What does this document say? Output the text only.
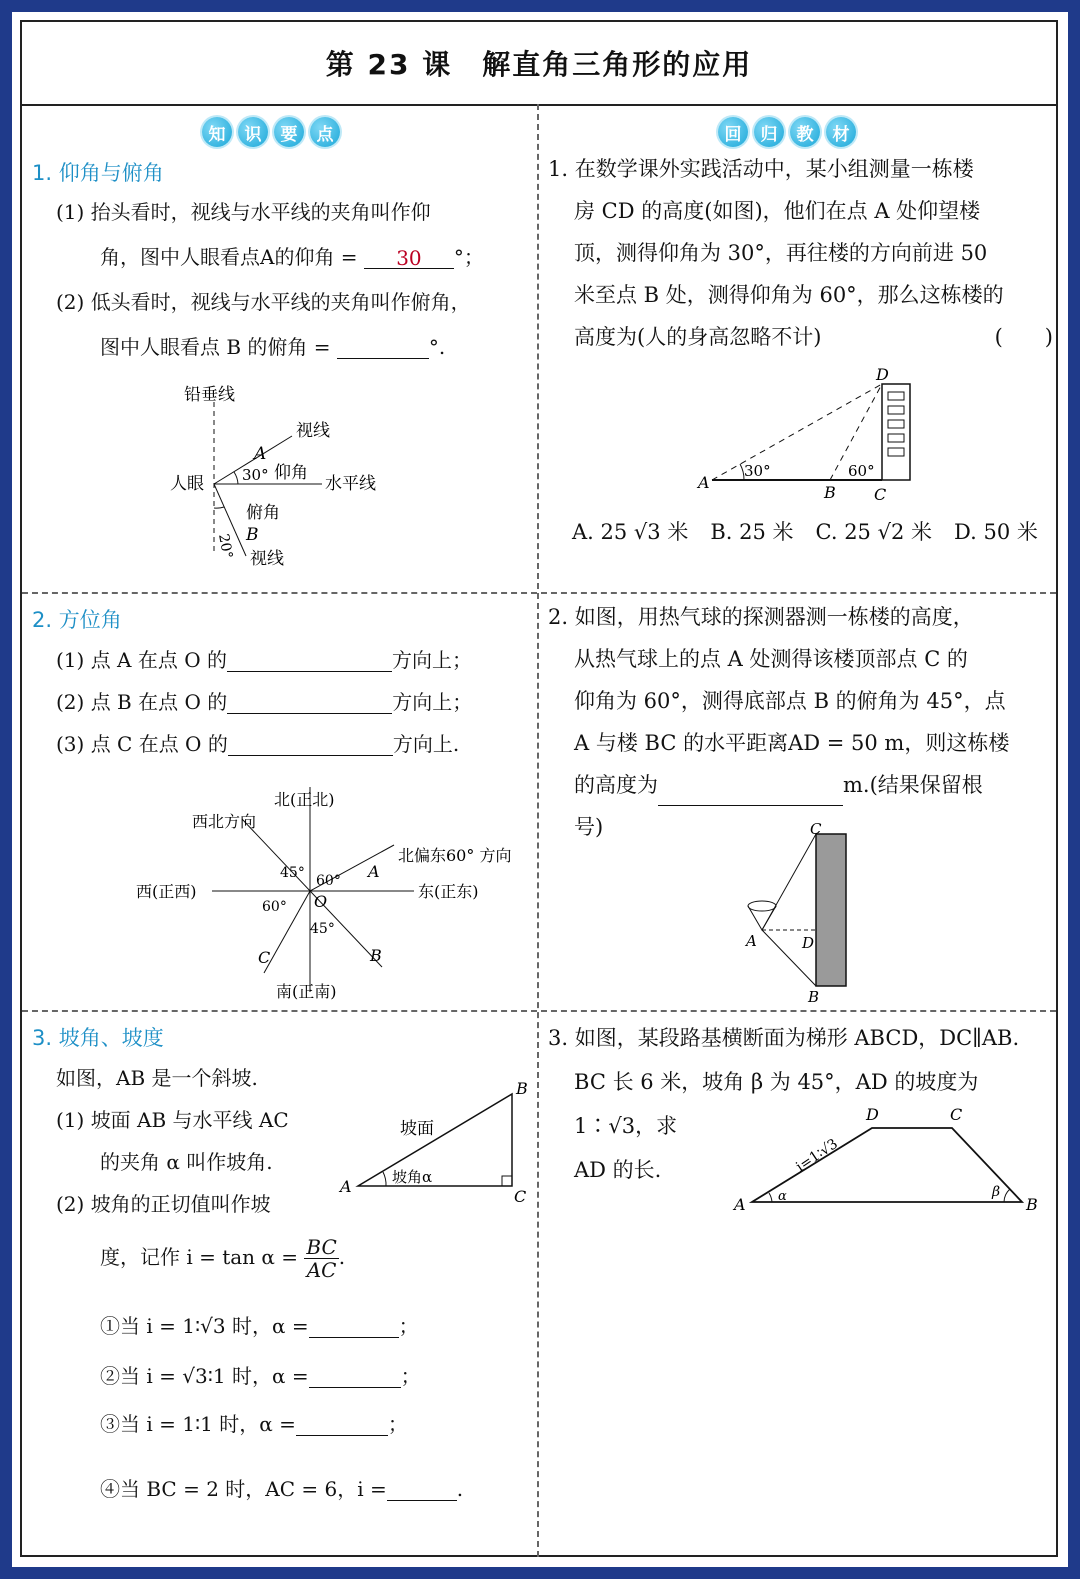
第 23 课　解直角三角形的应用
知	识	要	点	回	归	教	材
1. 仰角与俯角
(1) 抬头看时，视线与水平线的夹角叫作仰
角，图中人眼看点A的仰角 = 30 °；
(2) 低头看时，视线与水平线的夹角叫作俯角，
图中人眼看点 B 的俯角 =	°.
铅垂线
视线
A
人眼	30° 仰角
水平线
俯角
B
20° 视线
2. 方位角
(1) 点 A 在点 O 的	方向上；
(2) 点 B 在点 O 的	方向上；
(3) 点 C 在点 O 的	方向上.
北(正北)
西北方向
北偏东60° 方向
45° 60° A
西(正西)	东(正东)
60° O
45°
C	B
南(正南)
3. 坡角、坡度
如图，AB 是一个斜坡.
(1) 坡面 AB 与水平线 AC
的夹角 α 叫作坡角.
(2) 坡角的正切值叫作坡
度，记作 $i = \tan \alpha = \frac{BC}{AC}$ .
①当 i = 1∶√3 时，α =	；
②当 i = √3∶1 时，α =	；
③当 i = 1∶1 时，α =	；
④当 BC = 2 时，AC = 6，i =	.
坡面
坡角α
A
C
B
1. 在数学课外实践活动中，某小组测量一栋楼
房 CD 的高度(如图)，他们在点 A 处仰望楼
顶，测得仰角为 30°，再往楼的方向前进 50
米至点 B 处，测得仰角为 60°，那么这栋楼的
高度为(人的身高忽略不计)	(　　)
30°	60°
A
B C
D
A. 25 √3 米 B. 25 米 C. 25 √2 米 D. 50 米
2. 如图，用热气球的探测器测一栋楼的高度，
从热气球上的点 A 处测得该楼顶部点 C 的
仰角为 60°，测得底部点 B 的俯角为 45°，点
A 与楼 BC 的水平距离AD = 50 m，则这栋楼
的高度为	m.(结果保留根
号)	C
A	D
B
3. 如图，某段路基横断面为梯形 ABCD，DC∥AB.
BC 长 6 米，坡角 β 为 45°，AD 的坡度为 1∶√3，求
AD 的长.	i=1∶√3
α	β
A	B
D	C
